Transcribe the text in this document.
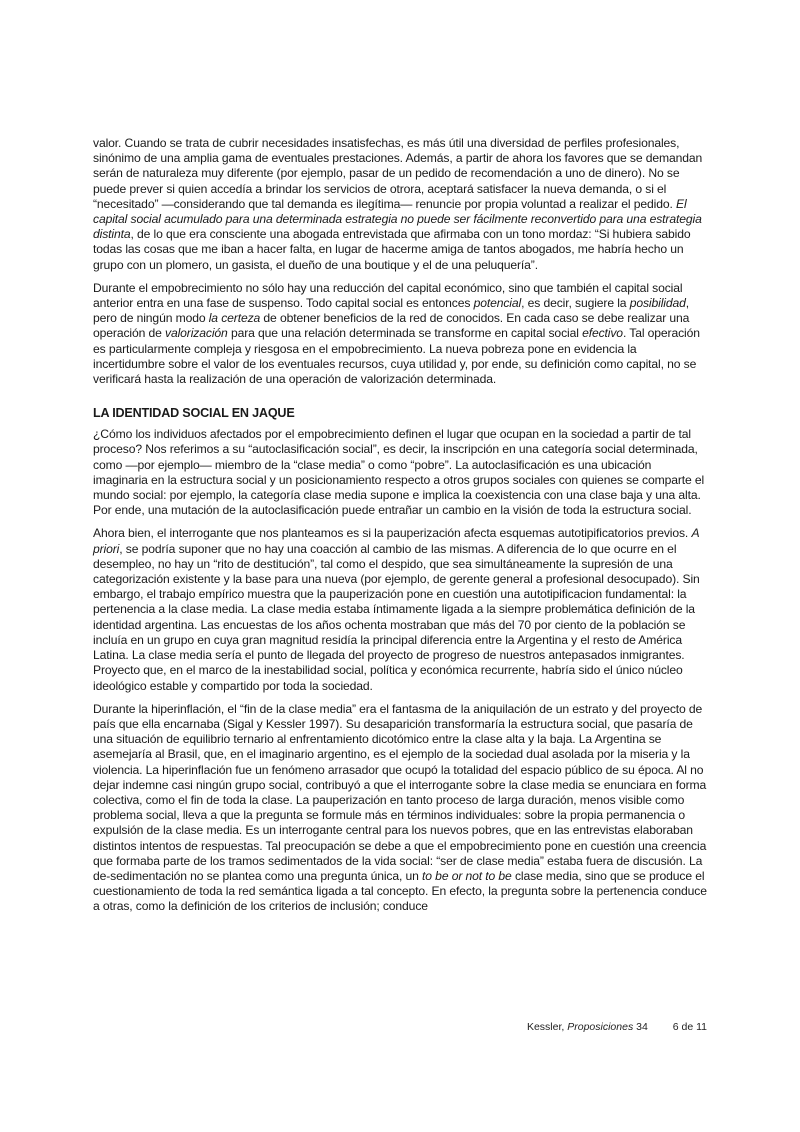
valor. Cuando se trata de cubrir necesidades insatisfechas, es más útil una diversidad de perfiles profesionales, sinónimo de una amplia gama de eventuales prestaciones. Además, a partir de ahora los favores que se demandan serán de naturaleza muy diferente (por ejemplo, pasar de un pedido de recomendación a uno de dinero). No se puede prever si quien accedía a brindar los servicios de otrora, aceptará satisfacer la nueva demanda, o si el “necesitado” —considerando que tal demanda es ilegítima— renuncie por propia voluntad a realizar el pedido. El capital social acumulado para una determinada estrategia no puede ser fácilmente reconvertido para una estrategia distinta, de lo que era consciente una abogada entrevistada que afirmaba con un tono mordaz: “Si hubiera sabido todas las cosas que me iban a hacer falta, en lugar de hacerme amiga de tantos abogados, me habría hecho un grupo con un plomero, un gasista, el dueño de una boutique y el de una peluquería”.

Durante el empobrecimiento no sólo hay una reducción del capital económico, sino que también el capital social anterior entra en una fase de suspenso. Todo capital social es entonces potencial, es decir, sugiere la posibilidad, pero de ningún modo la certeza de obtener beneficios de la red de conocidos. En cada caso se debe realizar una operación de valorización para que una relación determinada se transforme en capital social efectivo. Tal operación es particularmente compleja y riesgosa en el empobrecimiento. La nueva pobreza pone en evidencia la incertidumbre sobre el valor de los eventuales recursos, cuya utilidad y, por ende, su definición como capital, no se verificará hasta la realización de una operación de valorización determinada.

LA IDENTIDAD SOCIAL EN JAQUE

¿Cómo los individuos afectados por el empobrecimiento definen el lugar que ocupan en la sociedad a partir de tal proceso? Nos referimos a su “autoclasificación social”, es decir, la inscripción en una categoría social determinada, como —por ejemplo— miembro de la “clase media” o como “pobre”. La autoclasificación es una ubicación imaginaria en la estructura social y un posicionamiento respecto a otros grupos sociales con quienes se comparte el mundo social: por ejemplo, la categoría clase media supone e implica la coexistencia con una clase baja y una alta. Por ende, una mutación de la autoclasificación puede entrañar un cambio en la visión de toda la estructura social.

Ahora bien, el interrogante que nos planteamos es si la pauperización afecta esquemas autotipificatorios previos. A priori, se podría suponer que no hay una coacción al cambio de las mismas. A diferencia de lo que ocurre en el desempleo, no hay un “rito de destitución”, tal como el despido, que sea simultáneamente la supresión de una categorización existente y la base para una nueva (por ejemplo, de gerente general a profesional desocupado). Sin embargo, el trabajo empírico muestra que la pauperización pone en cuestión una autotipificacion fundamental: la pertenencia a la clase media. La clase media estaba íntimamente ligada a la siempre problemática definición de la identidad argentina. Las encuestas de los años ochenta mostraban que más del 70 por ciento de la población se incluía en un grupo en cuya gran magnitud residía la principal diferencia entre la Argentina y el resto de América Latina. La clase media sería el punto de llegada del proyecto de progreso de nuestros antepasados inmigrantes. Proyecto que, en el marco de la inestabilidad social, política y económica recurrente, habría sido el único núcleo ideológico estable y compartido por toda la sociedad.

Durante la hiperinflación, el “fin de la clase media” era el fantasma de la aniquilación de un estrato y del proyecto de país que ella encarnaba (Sigal y Kessler 1997). Su desaparición transformaría la estructura social, que pasaría de una situación de equilibrio ternario al enfrentamiento dicotómico entre la clase alta y la baja. La Argentina se asemejaría al Brasil, que, en el imaginario argentino, es el ejemplo de la sociedad dual asolada por la miseria y la violencia. La hiperinflación fue un fenómeno arrasador que ocupó la totalidad del espacio público de su época. Al no dejar indemne casi ningún grupo social, contribuyó a que el interrogante sobre la clase media se enunciara en forma colectiva, como el fin de toda la clase. La pauperización en tanto proceso de larga duración, menos visible como problema social, lleva a que la pregunta se formule más en términos individuales: sobre la propia permanencia o expulsión de la clase media. Es un interrogante central para los nuevos pobres, que en las entrevistas elaboraban distintos intentos de respuestas. Tal preocupación se debe a que el empobrecimiento pone en cuestión una creencia que formaba parte de los tramos sedimentados de la vida social: “ser de clase media” estaba fuera de discusión. La de-sedimentación no se plantea como una pregunta única, un to be or not to be clase media, sino que se produce el cuestionamiento de toda la red semántica ligada a tal concepto. En efecto, la pregunta sobre la pertenencia conduce a otras, como la definición de los criterios de inclusión; conduce

Kessler, Proposiciones 34 6 de 11
